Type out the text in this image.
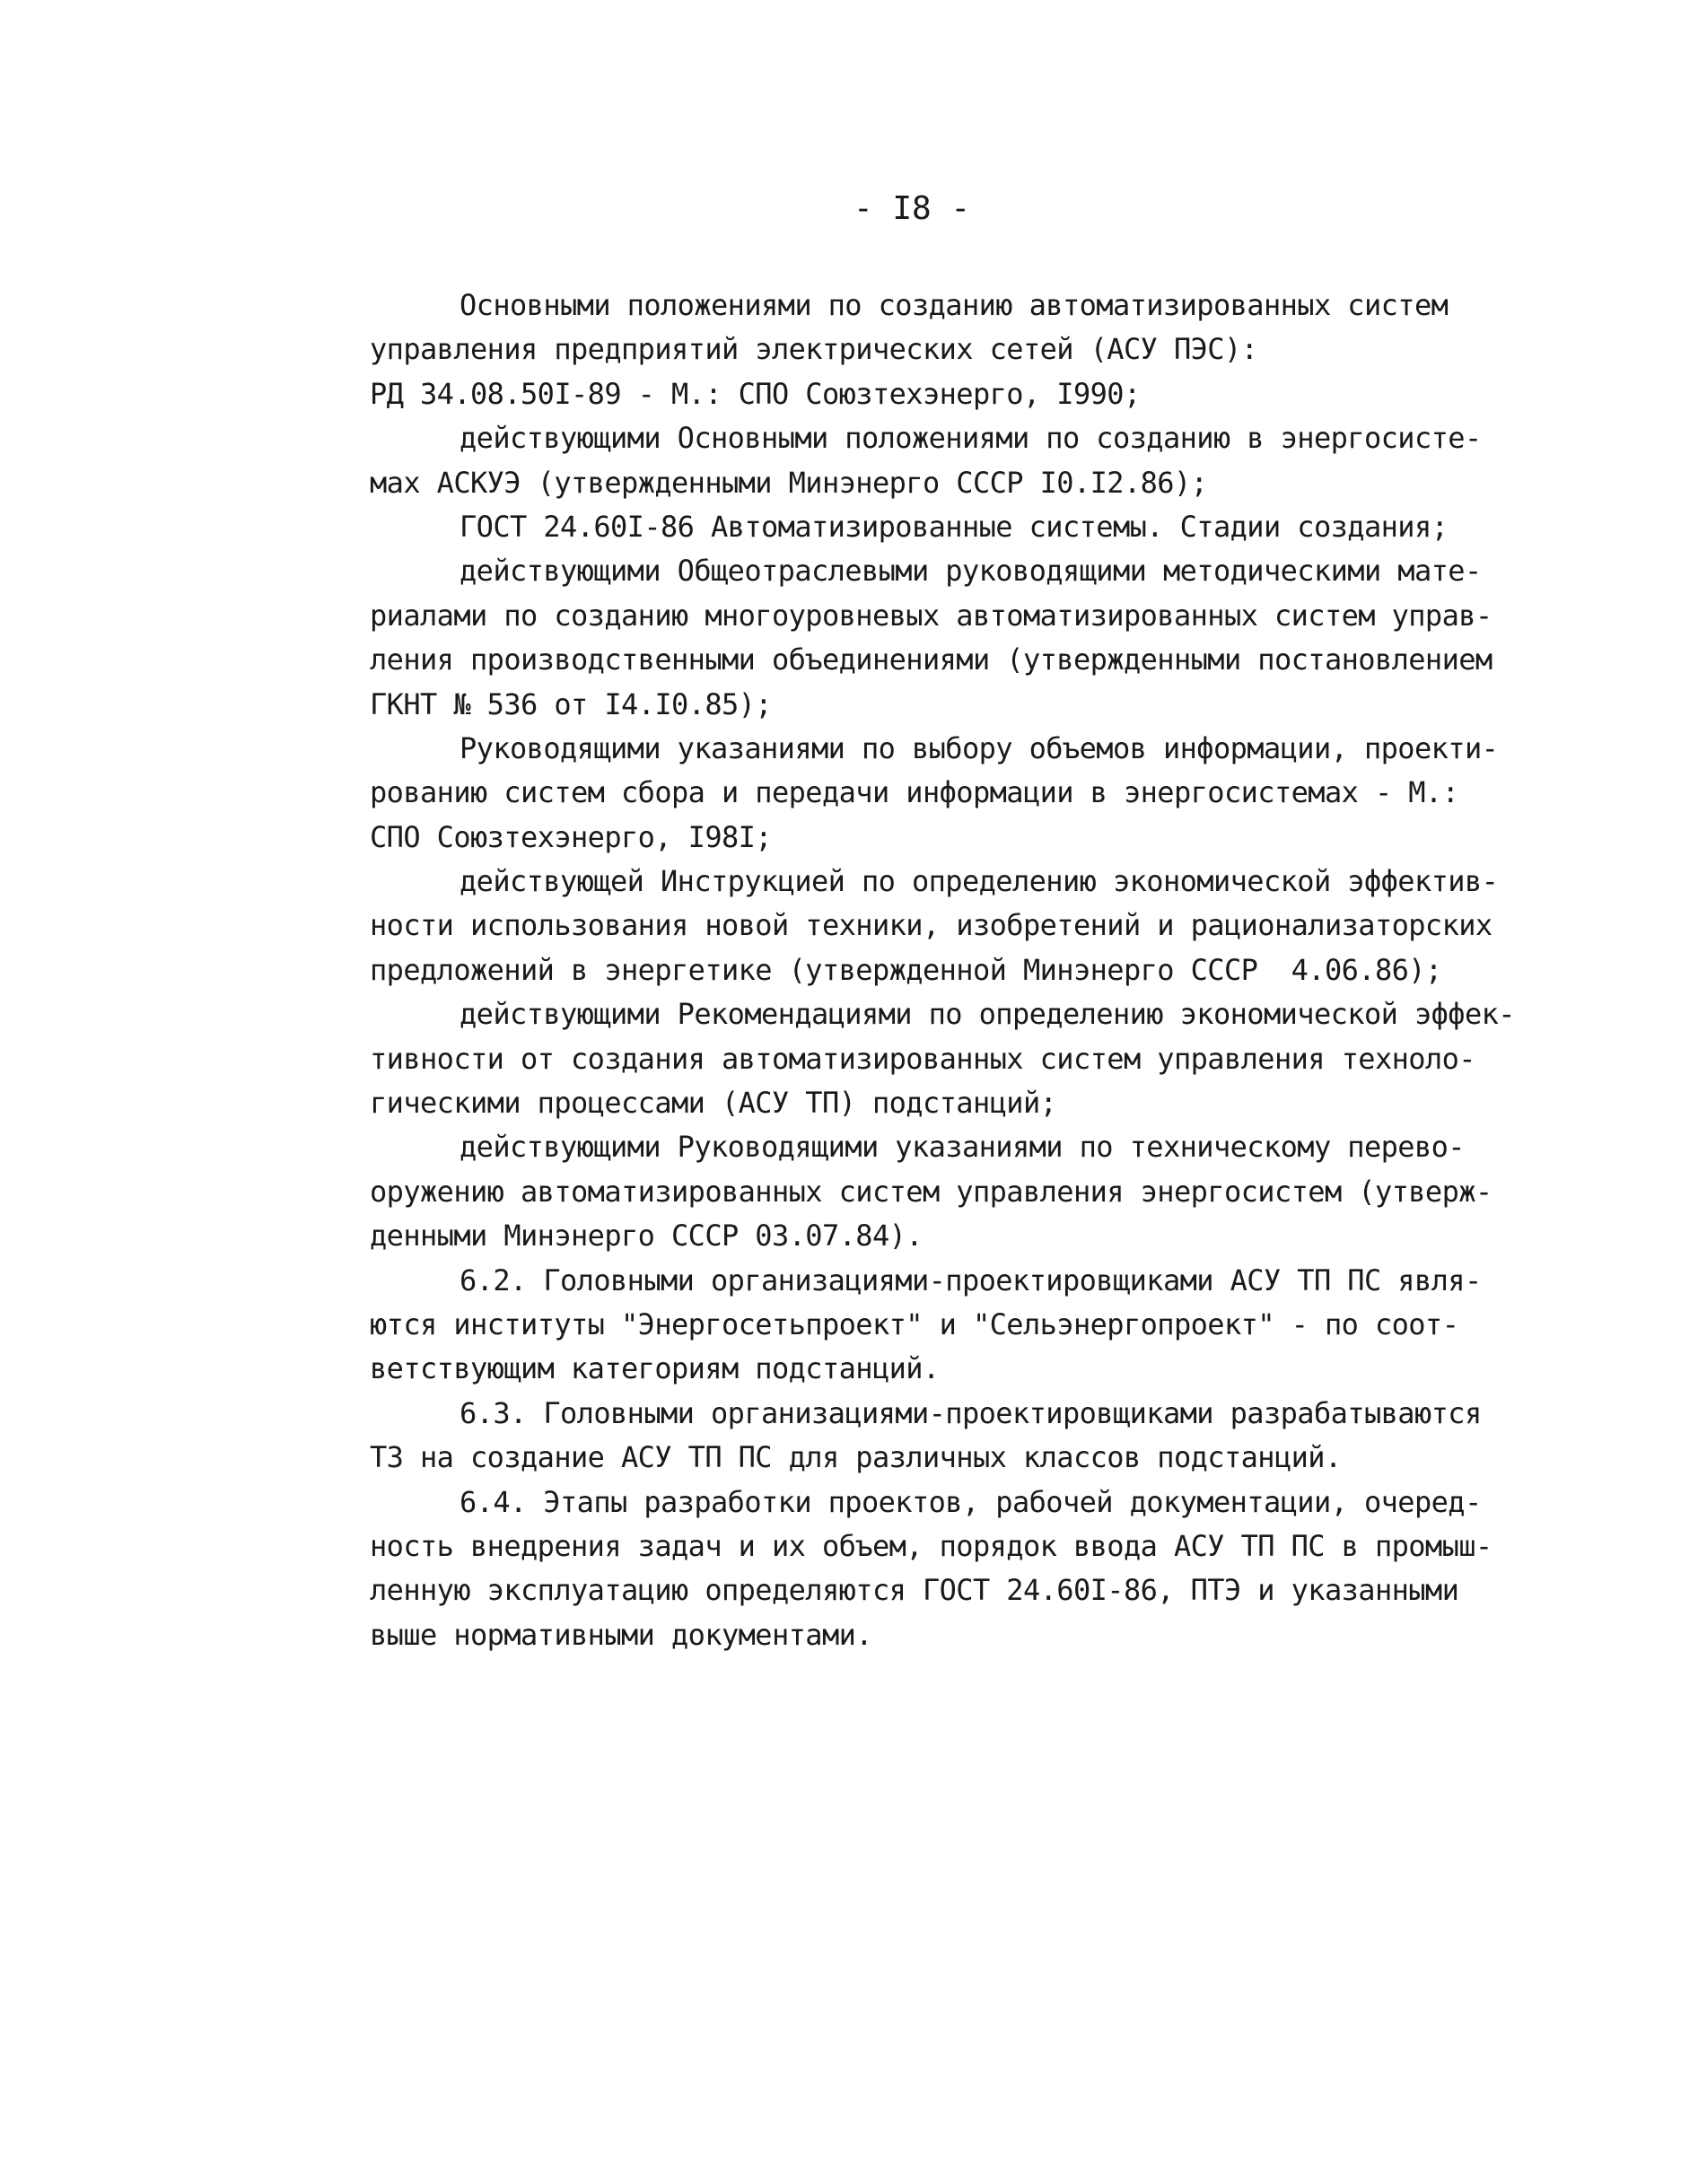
- I8 -
Основными положениями по созданию автоматизированных систем
управления предприятий электрических сетей (АСУ ПЭС):
РД 34.08.50I-89 - М.: СПО Союзтехэнерго, I990;
действующими Основными положениями по созданию в энергосисте-
мах АСКУЭ (утвержденными Минэнерго СССР I0.I2.86);
ГОСТ 24.60I-86 Автоматизированные системы. Стадии создания;
действующими Общеотраслевыми руководящими методическими мате-
риалами по созданию многоуровневых автоматизированных систем управ-
ления производственными объединениями (утвержденными постановлением
ГКНТ № 536 от I4.I0.85);
Руководящими указаниями по выбору объемов информации, проекти-
рованию систем сбора и передачи информации в энергосистемах - М.:
СПО Союзтехэнерго, I98I;
действующей Инструкцией по определению экономической эффектив-
ности использования новой техники, изобретений и рационализаторских
предложений в энергетике (утвержденной Минэнерго СССР  4.06.86);
действующими Рекомендациями по определению экономической эффек-
тивности от создания автоматизированных систем управления техноло-
гическими процессами (АСУ ТП) подстанций;
действующими Руководящими указаниями по техническому перево-
оружению автоматизированных систем управления энергосистем (утверж-
денными Минэнерго СССР 03.07.84).
6.2. Головными организациями-проектировщиками АСУ ТП ПС явля-
ются институты "Энергосетьпроект" и "Сельэнергопроект" - по соот-
ветствующим категориям подстанций.
6.3. Головными организациями-проектировщиками разрабатываются
ТЗ на создание АСУ ТП ПС для различных классов подстанций.
6.4. Этапы разработки проектов, рабочей документации, очеред-
ность внедрения задач и их объем, порядок ввода АСУ ТП ПС в промыш-
ленную эксплуатацию определяются ГОСТ 24.60I-86, ПТЭ и указанными
выше нормативными документами.
